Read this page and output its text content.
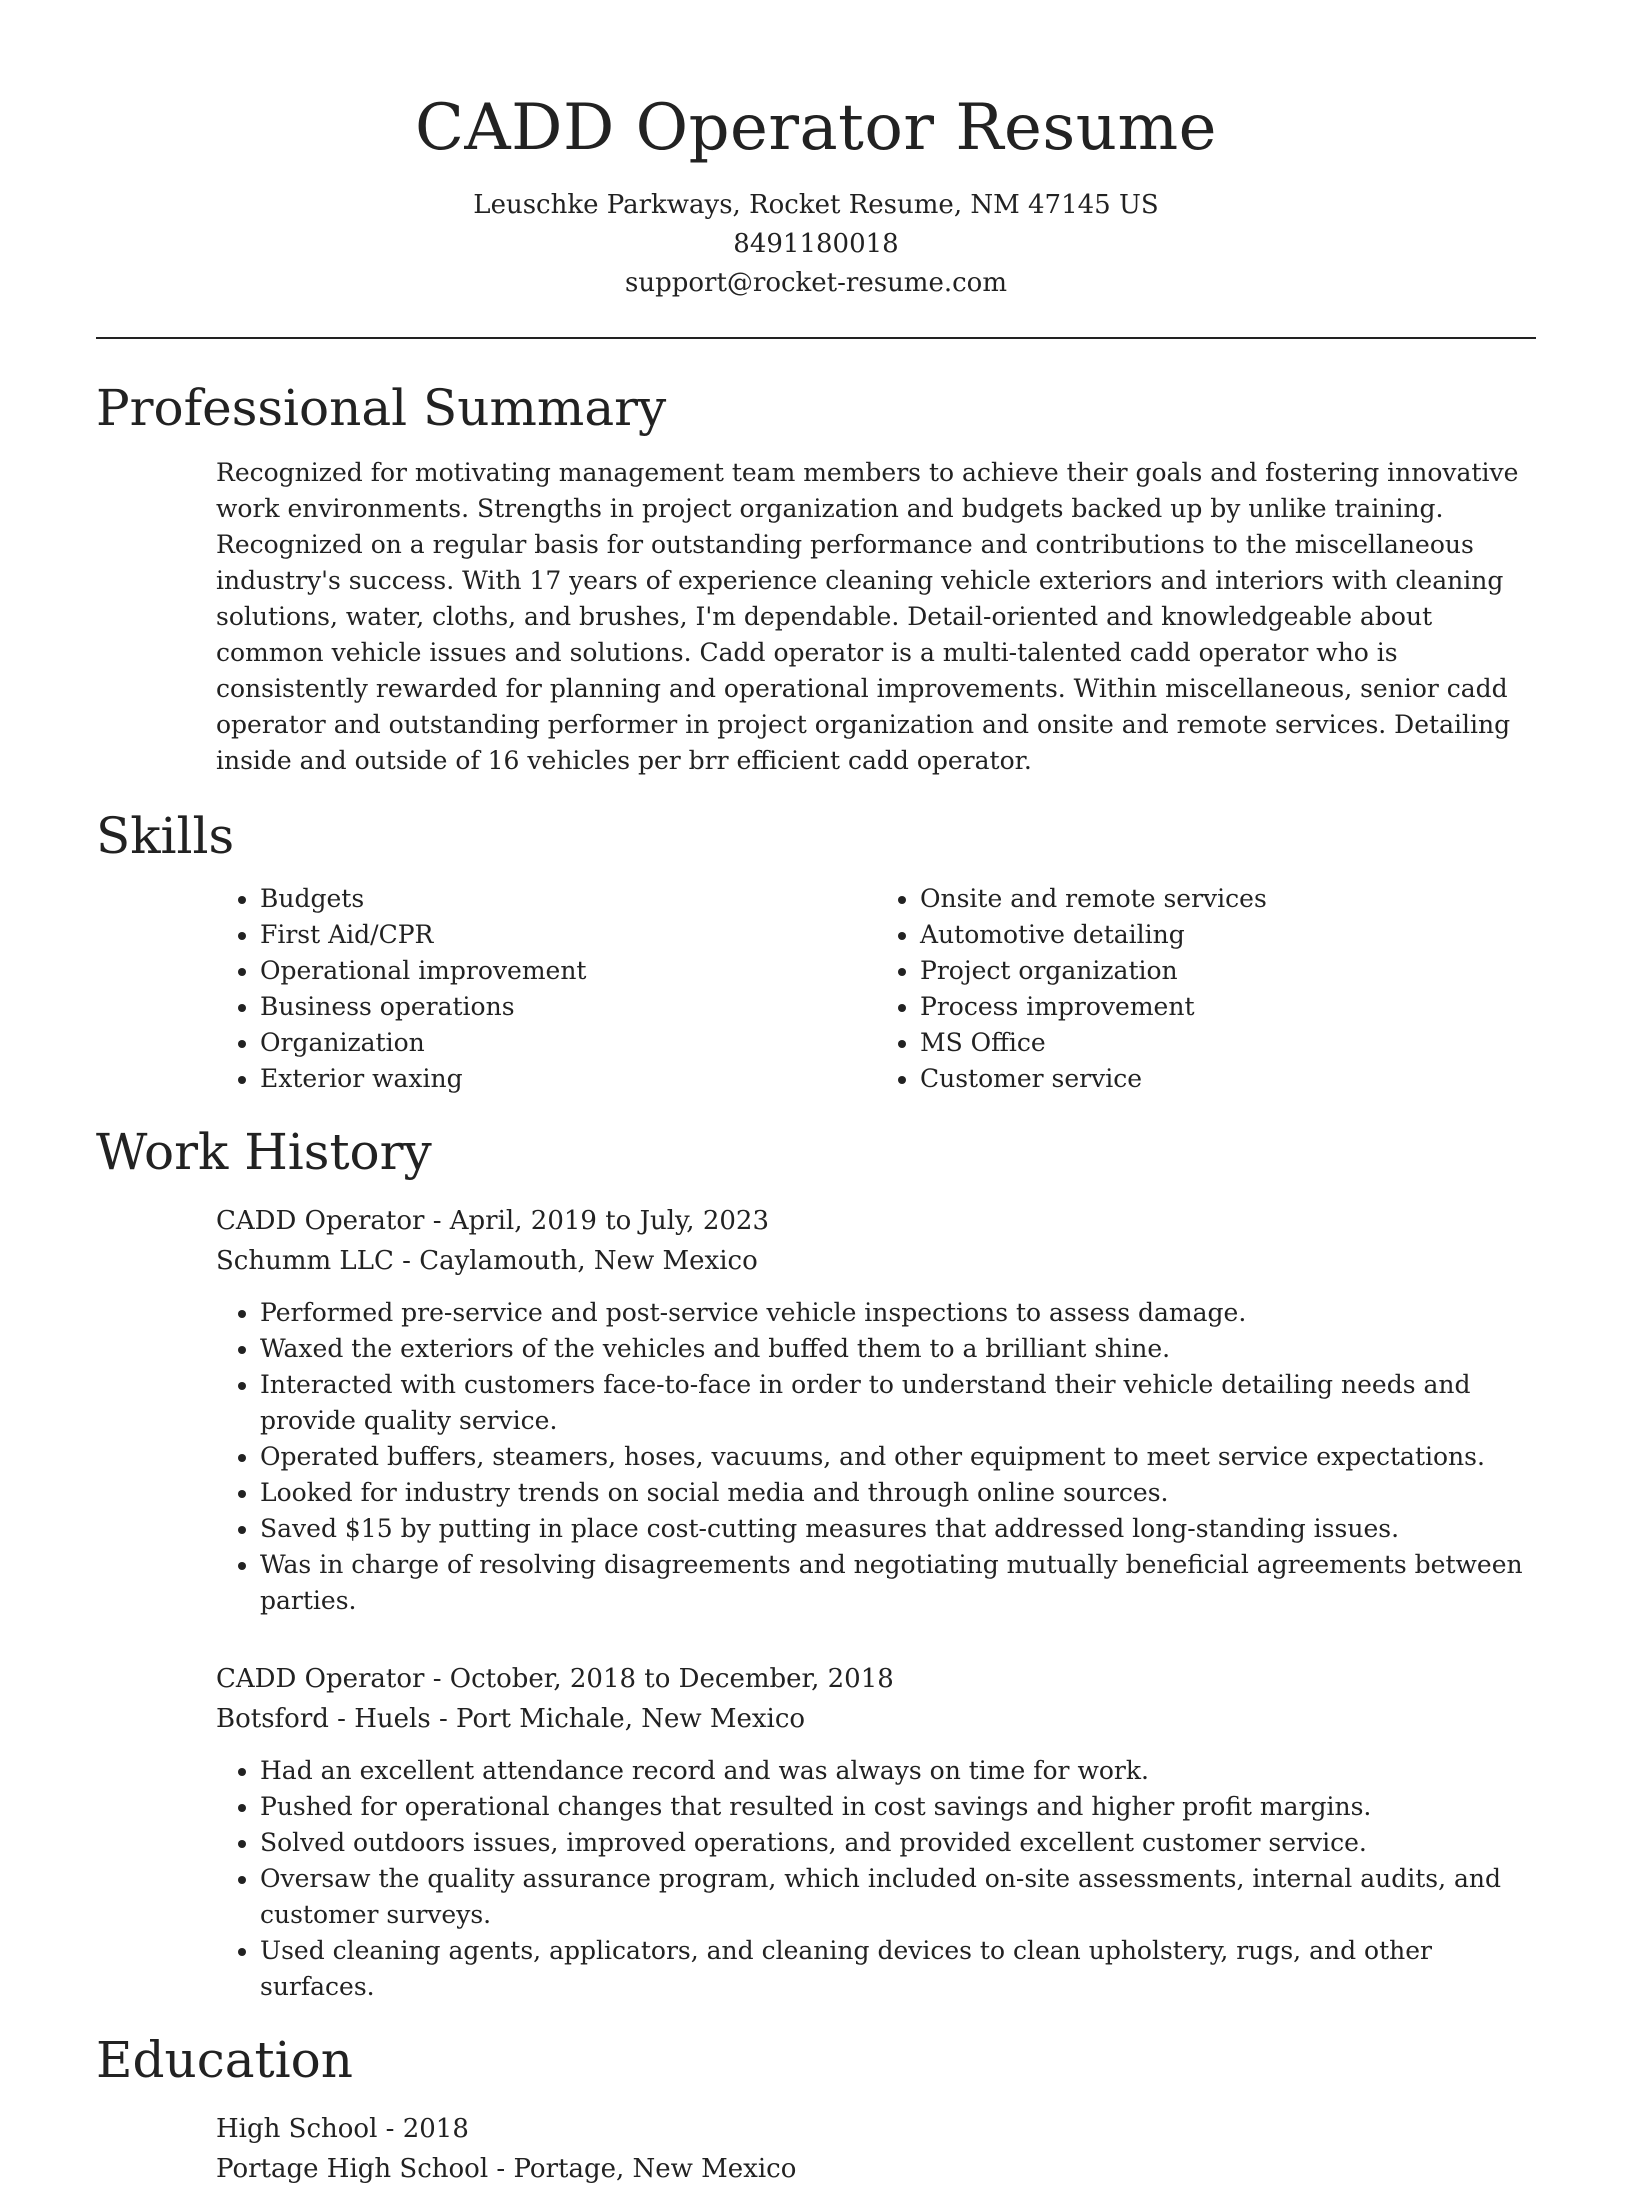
CADD Operator Resume

Leuschke Parkways, Rocket Resume, NM 47145 US

8491180018

support@rocket-resume.com

Professional Summary
Recognized for motivating management team members to achieve their goals and fostering innovative work environments. Strengths in project organization and budgets backed up by unlike training. Recognized on a regular basis for outstanding performance and contributions to the miscellaneous industry's success. With 17 years of experience cleaning vehicle exteriors and interiors with cleaning solutions, water, cloths, and brushes, I'm dependable. Detail-oriented and knowledgeable about common vehicle issues and solutions. Cadd operator is a multi-talented cadd operator who is consistently rewarded for planning and operational improvements. Within miscellaneous, senior cadd operator and outstanding performer in project organization and onsite and remote services. Detailing inside and outside of 16 vehicles per brr efficient cadd operator.
Skills
• Budgets
• First Aid/CPR
• Operational improvement
• Business operations
• Organization
• Exterior waxing
• Onsite and remote services
• Automotive detailing
• Project organization
• Process improvement
• MS Office
• Customer service
Work History

CADD Operator - April, 2019 to July, 2023

Schumm LLC - Caylamouth, New Mexico

• Performed pre-service and post-service vehicle inspections to assess damage.
• Waxed the exteriors of the vehicles and buffed them to a brilliant shine.
• Interacted with customers face-to-face in order to understand their vehicle detailing needs and provide quality service.
• Operated buffers, steamers, hoses, vacuums, and other equipment to meet service expectations.
• Looked for industry trends on social media and through online sources.
• Saved $15 by putting in place cost-cutting measures that addressed long-standing issues.
• Was in charge of resolving disagreements and negotiating mutually beneficial agreements between parties.

CADD Operator - October, 2018 to December, 2018

Botsford - Huels - Port Michale, New Mexico

• Had an excellent attendance record and was always on time for work.
• Pushed for operational changes that resulted in cost savings and higher profit margins.
• Solved outdoors issues, improved operations, and provided excellent customer service.
• Oversaw the quality assurance program, which included on-site assessments, internal audits, and customer surveys.
• Used cleaning agents, applicators, and cleaning devices to clean upholstery, rugs, and other surfaces.
Education

High School - 2018

Portage High School - Portage, New Mexico
